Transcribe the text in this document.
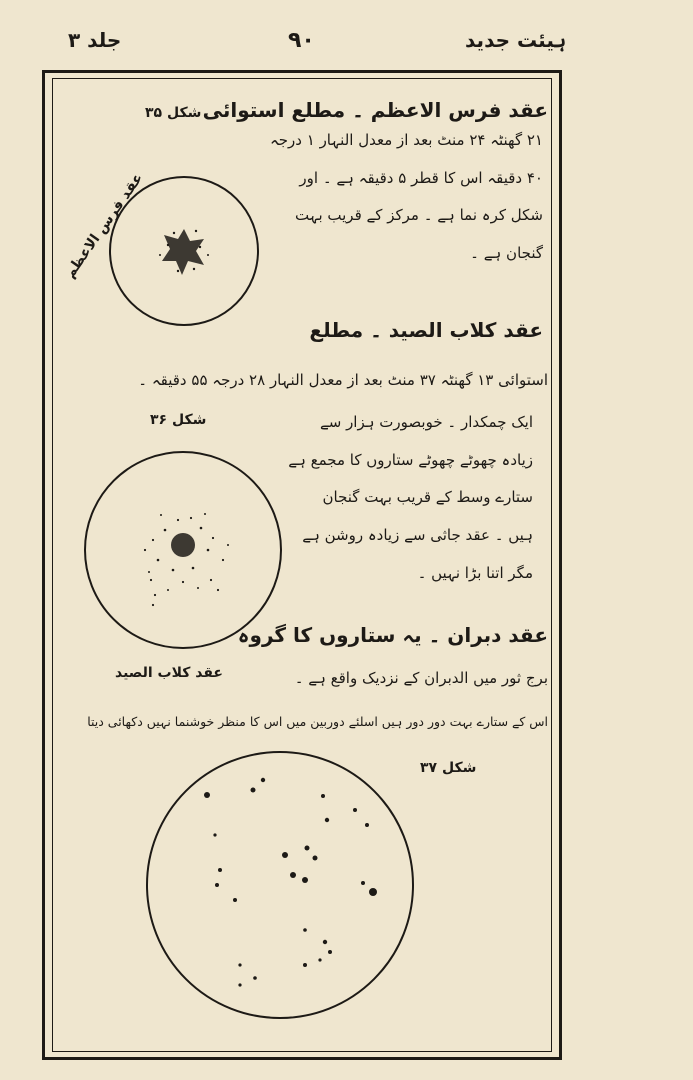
ہیئت جدید
۹۰
جلد ۳
عقد فرس الاعظم ۔ مطلع استوائی
۲۱ گھنٹہ ۲۴ منٹ بعد از معدل النہار ۱ درجہ
۴۰ دقیقہ اس کا قطر ۵ دقیقہ ہے ۔ اور
شکل کرہ نما ہے ۔ مرکز کے قریب بہت
گنجان ہے ۔
شکل ۳۵
عقد فرس الاعظم
عقد کلاب الصید ۔ مطلع
استوائی ۱۳ گھنٹہ ۳۷ منٹ بعد از معدل النہار ۲۸ درجہ ۵۵ دقیقہ ۔
ایک چمکدار ۔ خوبصورت ہزار سے
زیادہ چھوٹے چھوٹے ستاروں کا مجمع ہے
ستارے وسط کے قریب بہت گنجان
ہیں ۔ عقد جاثی سے زیادہ روشن ہے
مگر اتنا بڑا نہیں ۔
شکل ۳۶
عقد کلاب الصید
عقد دبران ۔ یہ ستاروں کا گروہ
برج ثور میں الدبران کے نزدیک واقع ہے ۔
اس کے ستارے بہت دور دور ہیں اسلئے دوربین میں اس کا منظر خوشنما نہیں دکھائی دیتا
شکل ۳۷
